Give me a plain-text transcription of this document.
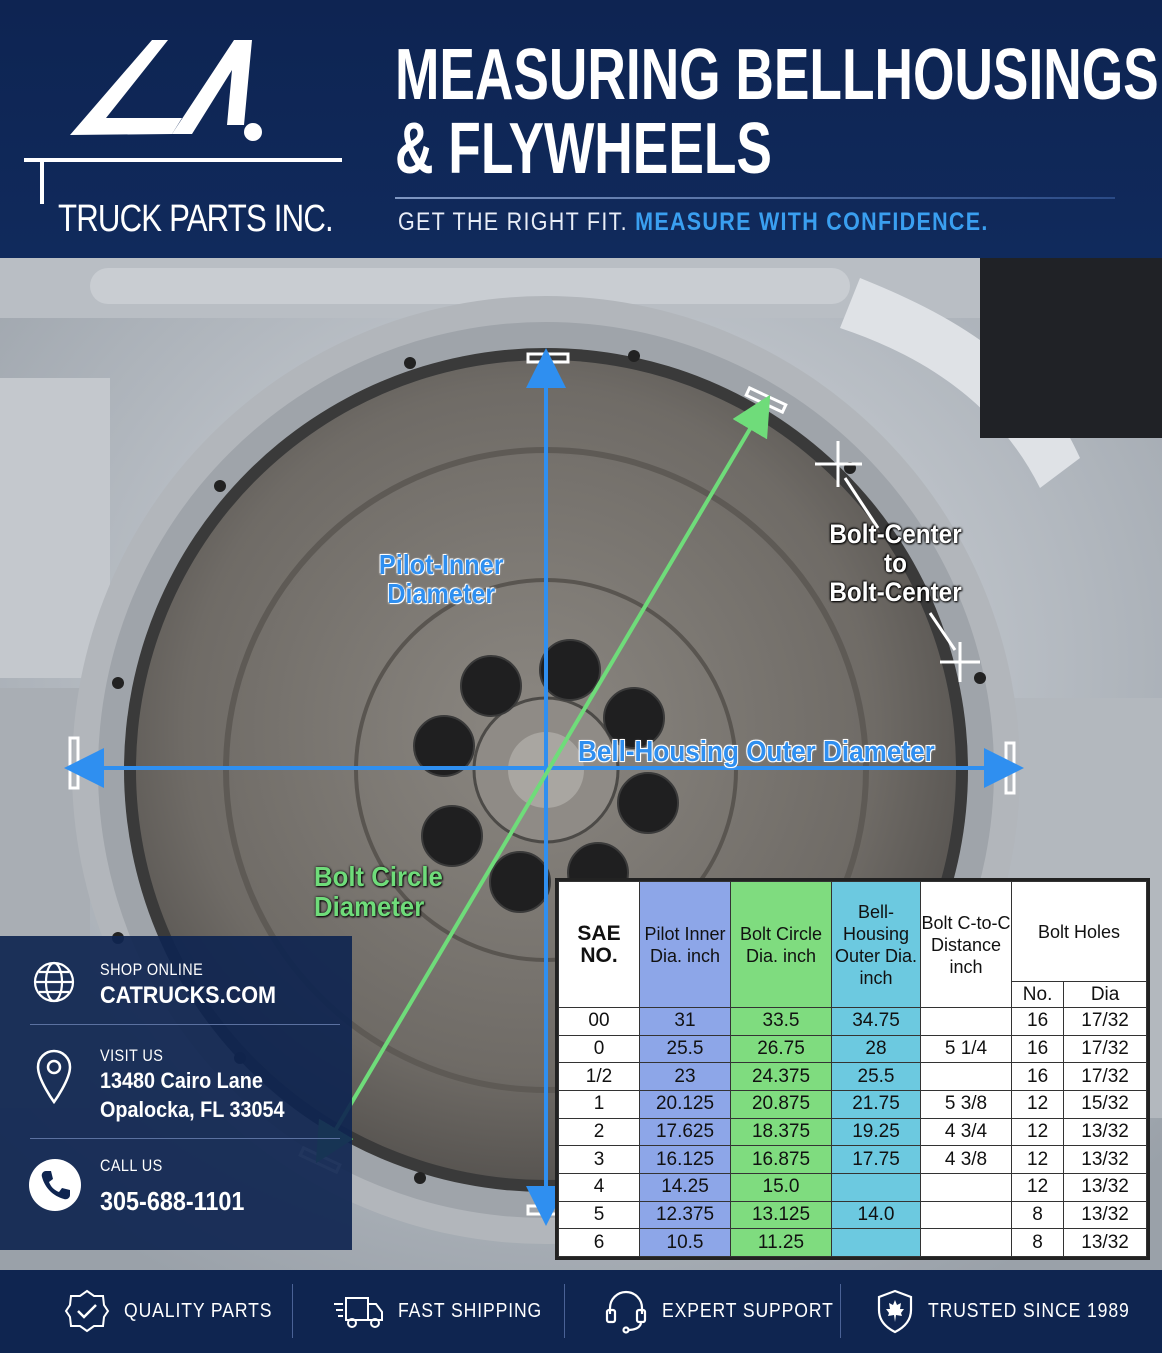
TRUCK PARTS INC.
MEASURING BELLHOUSINGS
& FLYWHEELS
GET THE RIGHT FIT. MEASURE WITH CONFIDENCE.
Pilot-Inner
Diameter
Bolt-Center
to
Bolt-Center
Bell-Housing Outer Diameter
Bolt Circle
Diameter
SHOP ONLINE
CATRUCKS.COM
VISIT US
13480 Cairo Lane
Opalocka, FL 33054
CALL US
305-688-1101
SAE NO.	Pilot Inner Dia. inch	Bolt Circle Dia. inch	Bell-Housing Outer Dia. inch	Bolt C-to-C Distance inch	Bolt Holes	
					No.	Dia
00	31	33.5	34.75		16	17/32
0	25.5	26.75	28	5 1/4	16	17/32
1/2	23	24.375	25.5		16	17/32
1	20.125	20.875	21.75	5 3/8	12	15/32
2	17.625	18.375	19.25	4 3/4	12	13/32
3	16.125	16.875	17.75	4 3/8	12	13/32
4	14.25	15.0			12	13/32
5	12.375	13.125	14.0		8	13/32
6	10.5	11.25			8	13/32
QUALITY PARTS	FAST SHIPPING	EXPERT SUPPORT	TRUSTED SINCE 1989
